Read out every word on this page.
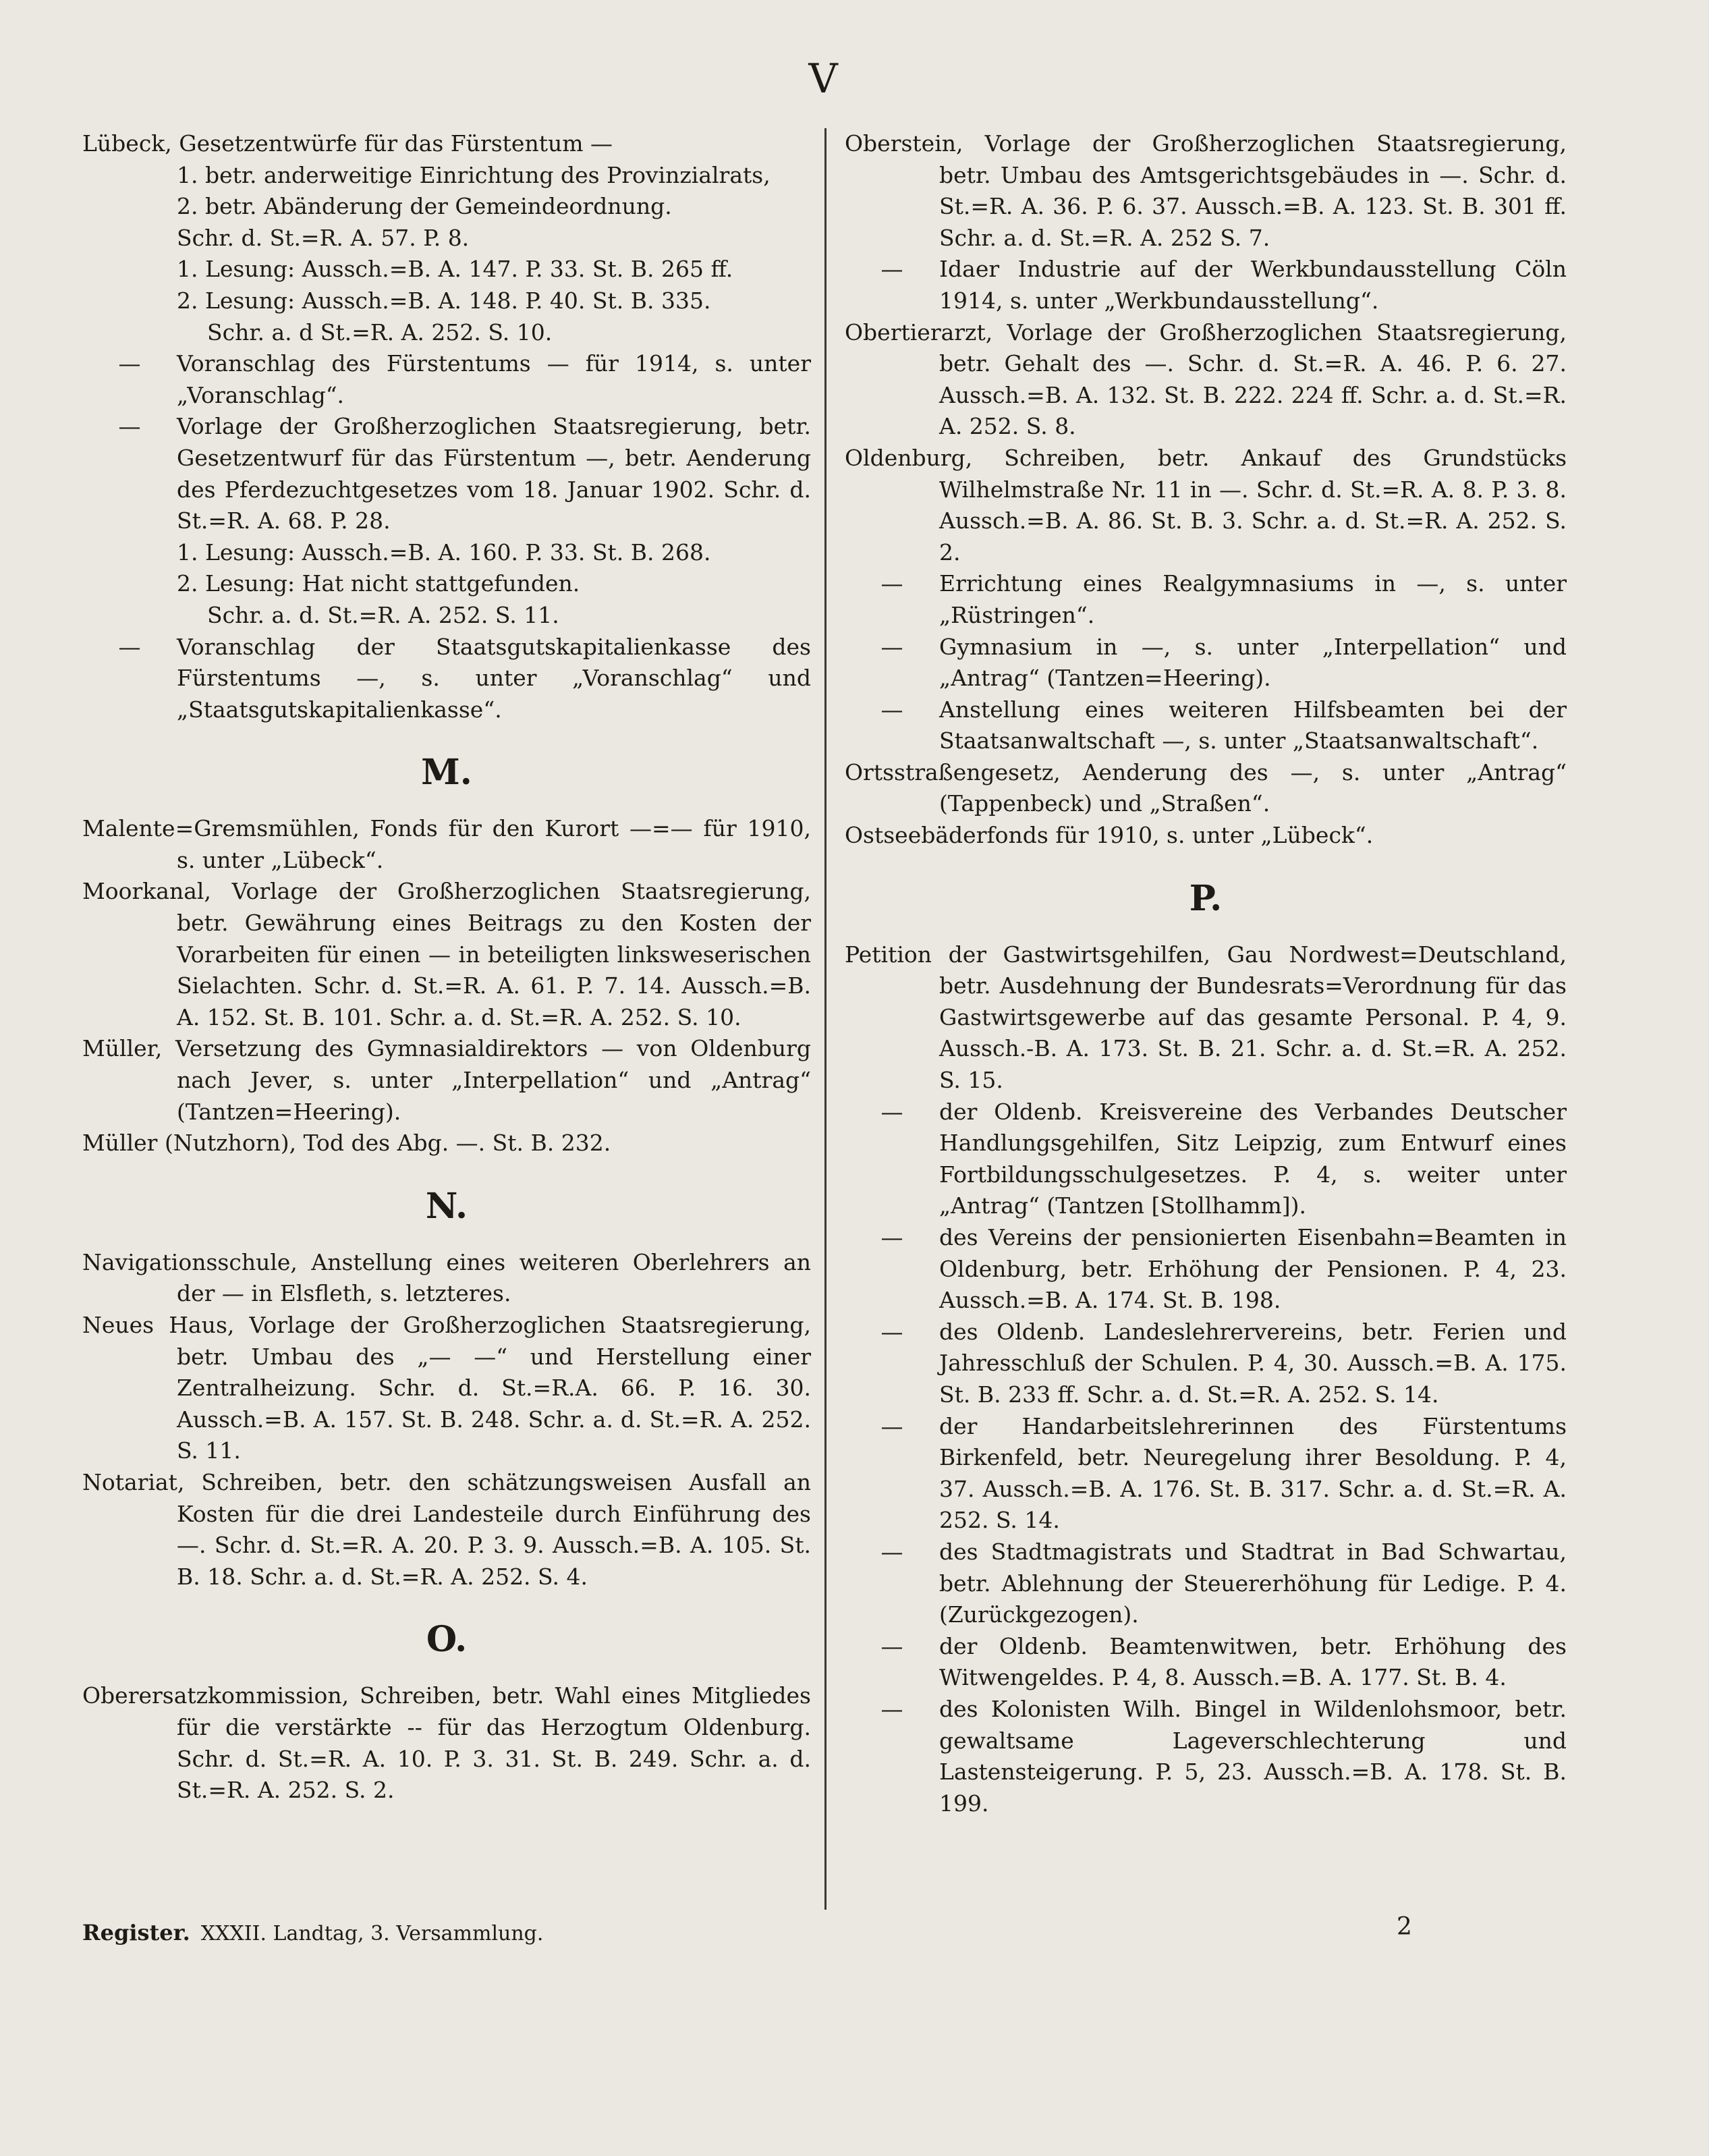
V

Lübeck, Gesetzentwürfe für das Fürstentum —

1. betr. anderweitige Einrichtung des Provinzialrats,

2. betr. Abänderung der Gemeindeordnung.

Schr. d. St.=R. A. 57. P. 8.

1. Lesung: Aussch.=B. A. 147. P. 33. St. B. 265 ff.

2. Lesung: Aussch.=B. A. 148. P. 40. St. B. 335.

Schr. a. d St.=R. A. 252. S. 10.

— Voranschlag des Fürstentums — für 1914, s. unter „Voranschlag“.

— Vorlage der Großherzoglichen Staatsregierung, betr. Gesetzentwurf für das Fürstentum —, betr. Aenderung des Pferdezuchtgesetzes vom 18. Januar 1902. Schr. d. St.=R. A. 68. P. 28.

1. Lesung: Aussch.=B. A. 160. P. 33. St. B. 268.

2. Lesung: Hat nicht stattgefunden.

Schr. a. d. St.=R. A. 252. S. 11.

— Voranschlag der Staatsgutskapitalienkasse des Fürstentums —, s. unter „Voranschlag“ und „Staatsgutskapitalienkasse“.

M.

Malente=Gremsmühlen, Fonds für den Kurort —=— für 1910, s. unter „Lübeck“.

Moorkanal, Vorlage der Großherzoglichen Staatsregierung, betr. Gewährung eines Beitrags zu den Kosten der Vorarbeiten für einen — in beteiligten linksweserischen Sielachten. Schr. d. St.=R. A. 61. P. 7. 14. Aussch.=B. A. 152. St. B. 101. Schr. a. d. St.=R. A. 252. S. 10.

Müller, Versetzung des Gymnasialdirektors — von Oldenburg nach Jever, s. unter „Interpellation“ und „Antrag“ (Tantzen=Heering).

Müller (Nutzhorn), Tod des Abg. —. St. B. 232.

N.

Navigationsschule, Anstellung eines weiteren Oberlehrers an der — in Elsfleth, s. letzteres.

Neues Haus, Vorlage der Großherzoglichen Staatsregierung, betr. Umbau des „— —“ und Herstellung einer Zentralheizung. Schr. d. St.=R.A. 66. P. 16. 30. Aussch.=B. A. 157. St. B. 248. Schr. a. d. St.=R. A. 252. S. 11.

Notariat, Schreiben, betr. den schätzungsweisen Ausfall an Kosten für die drei Landesteile durch Einführung des —. Schr. d. St.=R. A. 20. P. 3. 9. Aussch.=B. A. 105. St. B. 18. Schr. a. d. St.=R. A. 252. S. 4.

O.

Oberersatzkommission, Schreiben, betr. Wahl eines Mitgliedes für die verstärkte -- für das Herzogtum Oldenburg. Schr. d. St.=R. A. 10. P. 3. 31. St. B. 249. Schr. a. d. St.=R. A. 252. S. 2.

Oberstein, Vorlage der Großherzoglichen Staatsregierung, betr. Umbau des Amtsgerichtsgebäudes in —. Schr. d. St.=R. A. 36. P. 6. 37. Aussch.=B. A. 123. St. B. 301 ff. Schr. a. d. St.=R. A. 252 S. 7.

— Idaer Industrie auf der Werkbundausstellung Cöln 1914, s. unter „Werkbundausstellung“.

Obertierarzt, Vorlage der Großherzoglichen Staatsregierung, betr. Gehalt des —. Schr. d. St.=R. A. 46. P. 6. 27. Aussch.=B. A. 132. St. B. 222. 224 ff. Schr. a. d. St.=R. A. 252. S. 8.

Oldenburg, Schreiben, betr. Ankauf des Grundstücks Wilhelmstraße Nr. 11 in —. Schr. d. St.=R. A. 8. P. 3. 8. Aussch.=B. A. 86. St. B. 3. Schr. a. d. St.=R. A. 252. S. 2.

— Errichtung eines Realgymnasiums in —, s. unter „Rüstringen“.

— Gymnasium in —, s. unter „Interpellation“ und „Antrag“ (Tantzen=Heering).

— Anstellung eines weiteren Hilfsbeamten bei der Staatsanwaltschaft —, s. unter „Staatsanwaltschaft“.

Ortsstraßengesetz, Aenderung des —, s. unter „Antrag“ (Tappenbeck) und „Straßen“.

Ostseebäderfonds für 1910, s. unter „Lübeck“.

P.

Petition der Gastwirtsgehilfen, Gau Nordwest=Deutschland, betr. Ausdehnung der Bundesrats=Verordnung für das Gastwirtsgewerbe auf das gesamte Personal. P. 4, 9. Aussch.-B. A. 173. St. B. 21. Schr. a. d. St.=R. A. 252. S. 15.

— der Oldenb. Kreisvereine des Verbandes Deutscher Handlungsgehilfen, Sitz Leipzig, zum Entwurf eines Fortbildungsschulgesetzes. P. 4, s. weiter unter „Antrag“ (Tantzen [Stollhamm]).

— des Vereins der pensionierten Eisenbahn=Beamten in Oldenburg, betr. Erhöhung der Pensionen. P. 4, 23. Aussch.=B. A. 174. St. B. 198.

— des Oldenb. Landeslehrervereins, betr. Ferien und Jahresschluß der Schulen. P. 4, 30. Aussch.=B. A. 175. St. B. 233 ff. Schr. a. d. St.=R. A. 252. S. 14.

— der Handarbeitslehrerinnen des Fürstentums Birkenfeld, betr. Neuregelung ihrer Besoldung. P. 4, 37. Aussch.=B. A. 176. St. B. 317. Schr. a. d. St.=R. A. 252. S. 14.

— des Stadtmagistrats und Stadtrat in Bad Schwartau, betr. Ablehnung der Steuererhöhung für Ledige. P. 4. (Zurückgezogen).

— der Oldenb. Beamtenwitwen, betr. Erhöhung des Witwengeldes. P. 4, 8. Aussch.=B. A. 177. St. B. 4.

— des Kolonisten Wilh. Bingel in Wildenlohsmoor, betr. gewaltsame Lageverschlechterung und Lastensteigerung. P. 5, 23. Aussch.=B. A. 178. St. B. 199.

Register. XXXII. Landtag, 3. Versammlung.	2
